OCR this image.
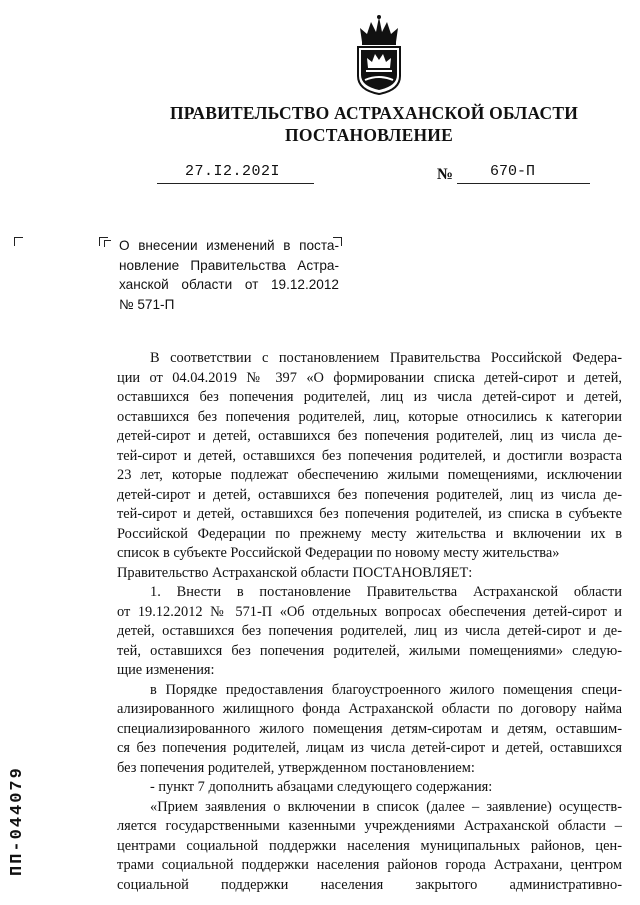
ПРАВИТЕЛЬСТВО АСТРАХАНСКОЙ ОБЛАСТИ
ПОСТАНОВЛЕНИЕ
27.I2.202I	№ 670-П
О внесении изменений в поста-
новление Правительства Астра-
ханской области от 19.12.2012
№ 571-П
В соответствии с постановлением Правительства Российской Федера-
ции от 04.04.2019 № 397 «О формировании списка детей-сирот и детей,
оставшихся без попечения родителей, лиц из числа детей-сирот и детей,
оставшихся без попечения родителей, лиц, которые относились к категории
детей-сирот и детей, оставшихся без попечения родителей, лиц из числа де-
тей-сирот и детей, оставшихся без попечения родителей, и достигли возраста
23 лет, которые подлежат обеспечению жилыми помещениями, исключении
детей-сирот и детей, оставшихся без попечения родителей, лиц из числа де-
тей-сирот и детей, оставшихся без попечения родителей, из списка в субъекте
Российской Федерации по прежнему месту жительства и включении их в
список в субъекте Российской Федерации по новому месту жительства»
Правительство Астраханской области ПОСТАНОВЛЯЕТ:
1. Внести в постановление Правительства Астраханской области
от 19.12.2012 № 571-П «Об отдельных вопросах обеспечения детей-сирот и
детей, оставшихся без попечения родителей, лиц из числа детей-сирот и де-
тей, оставшихся без попечения родителей, жилыми помещениями» следую-
щие изменения:
в Порядке предоставления благоустроенного жилого помещения специ-
ализированного жилищного фонда Астраханской области по договору найма
специализированного жилого помещения детям-сиротам и детям, оставшим-
ся без попечения родителей, лицам из числа детей-сирот и детей, оставшихся
без попечения родителей, утвержденном постановлением:
- пункт 7 дополнить абзацами следующего содержания:
«Прием заявления о включении в список (далее – заявление) осуществ-
ляется государственными казенными учреждениями Астраханской области –
центрами социальной поддержки населения муниципальных районов, цен-
трами социальной поддержки населения районов города Астрахани, центром
социальной поддержки населения закрытого административно-
ПП-044079
